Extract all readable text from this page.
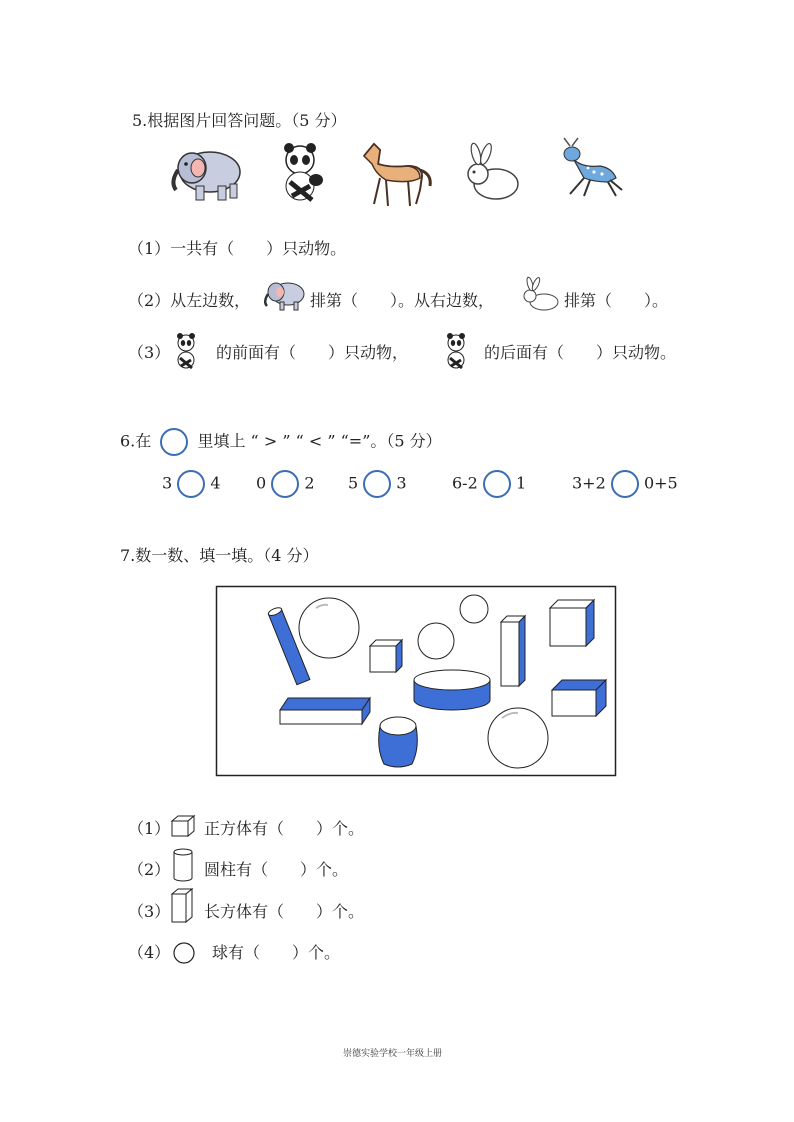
5.根据图片回答问题。（5 分）
（1）一共有（　　）只动物。
（2）从左边数，	排第（　　）。从右边数，	排第（　　）。
（3）	的前面有（　　）只动物，	的后面有（　　）只动物。
6.在	里填上 “ > ” “ < ” “=”。（5 分）
3 4 0 2 5 3	6-2 1	3+2 0+5
7.数一数、填一填。（4 分）
（1） 正方体有（　　）个。
（2） 圆柱有（　　）个。
（3） 长方体有（　　）个。
（4）	球有（　　）个。
崇德实验学校一年级上册
